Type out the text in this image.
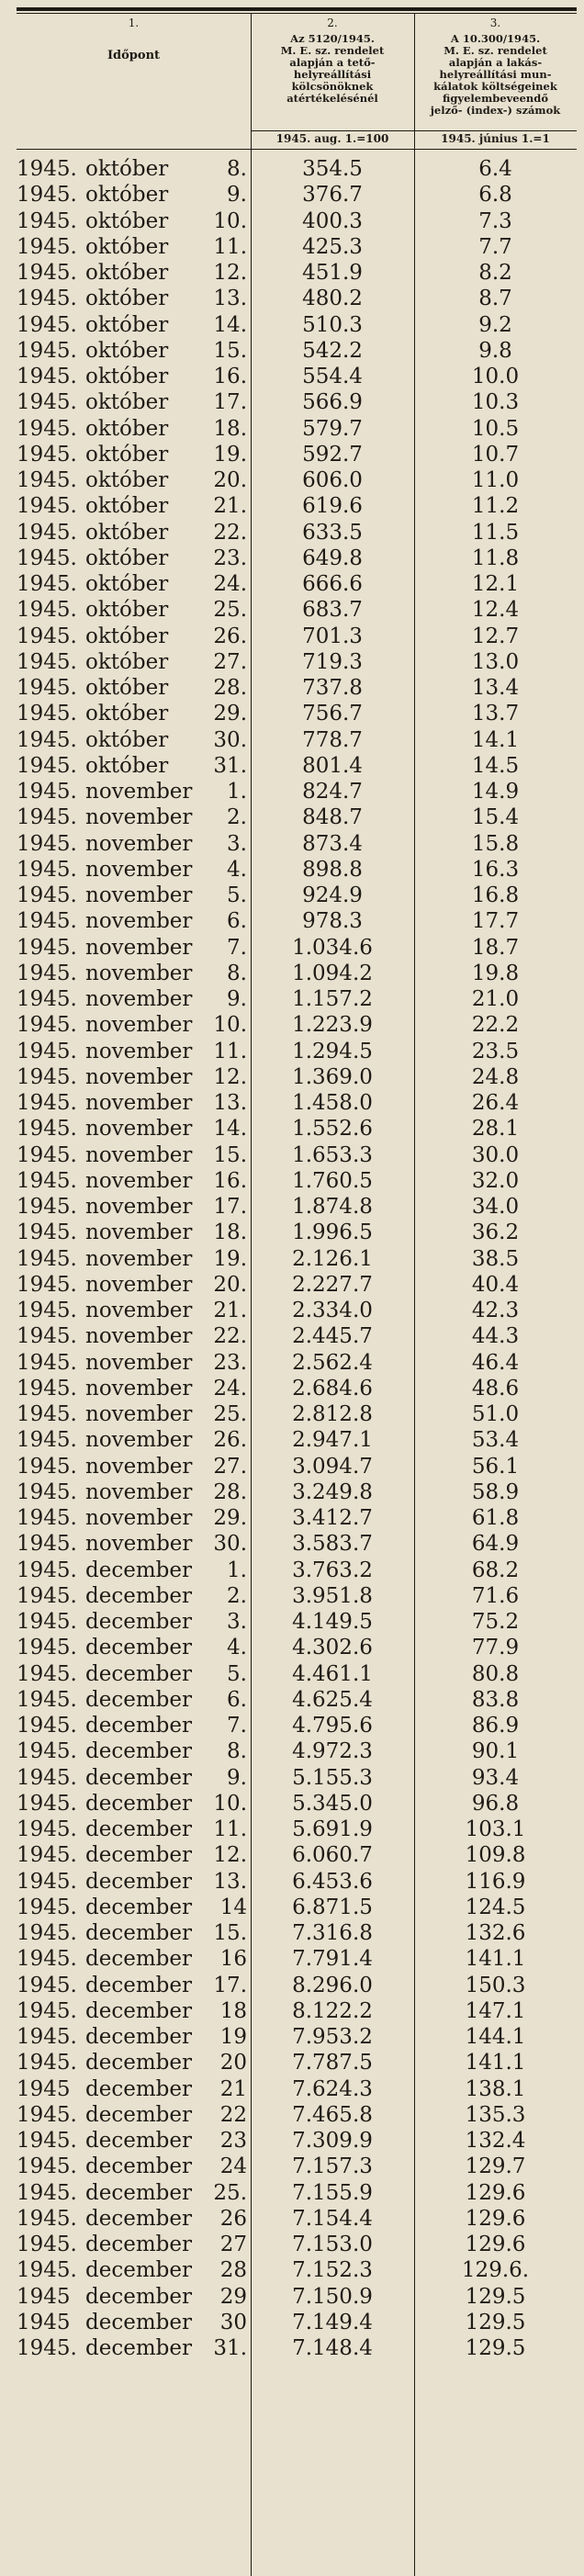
1.
Időpont
2.
Az 5120/1945.
M. E. sz. rendelet
alapján a tető-
helyreállítási
kölcsönöknek
atértékelésénél
1945. aug. 1.=100
3.
A 10.300/1945.
M. E. sz. rendelet
alapján a lakás-
helyreállítási mun-
kálatok költségeinek
figyelembeveendő
jelző- (index-) számok
1945. június 1.=1
1945. október	8.	354.5	6.4
1945. október	9.	376.7	6.8
1945. október	10.	400.3	7.3
1945. október	11.	425.3	7.7
1945. október	12.	451.9	8.2
1945. október	13.	480.2	8.7
1945. október	14.	510.3	9.2
1945. október	15.	542.2	9.8
1945. október	16.	554.4	10.0
1945. október	17.	566.9	10.3
1945. október	18.	579.7	10.5
1945. október	19.	592.7	10.7
1945. október	20.	606.0	11.0
1945. október	21.	619.6	11.2
1945. október	22.	633.5	11.5
1945. október	23.	649.8	11.8
1945. október	24.	666.6	12.1
1945. október	25.	683.7	12.4
1945. október	26.	701.3	12.7
1945. október	27.	719.3	13.0
1945. október	28.	737.8	13.4
1945. október	29.	756.7	13.7
1945. október	30.	778.7	14.1
1945. október	31.	801.4	14.5
1945. november	1.	824.7	14.9
1945. november	2.	848.7	15.4
1945. november	3.	873.4	15.8
1945. november	4.	898.8	16.3
1945. november	5.	924.9	16.8
1945. november	6.	978.3	17.7
1945. november	7.	1.034.6	18.7
1945. november	8.	1.094.2	19.8
1945. november	9.	1.157.2	21.0
1945. november	10.	1.223.9	22.2
1945. november	11.	1.294.5	23.5
1945. november	12.	1.369.0	24.8
1945. november	13.	1.458.0	26.4
1945. november	14.	1.552.6	28.1
1945. november	15.	1.653.3	30.0
1945. november	16.	1.760.5	32.0
1945. november	17.	1.874.8	34.0
1945. november	18.	1.996.5	36.2
1945. november	19.	2.126.1	38.5
1945. november	20.	2.227.7	40.4
1945. november	21.	2.334.0	42.3
1945. november	22.	2.445.7	44.3
1945. november	23.	2.562.4	46.4
1945. november	24.	2.684.6	48.6
1945. november	25.	2.812.8	51.0
1945. november	26.	2.947.1	53.4
1945. november	27.	3.094.7	56.1
1945. november	28.	3.249.8	58.9
1945. november	29.	3.412.7	61.8
1945. november	30.	3.583.7	64.9
1945. december	1.	3.763.2	68.2
1945. december	2.	3.951.8	71.6
1945. december	3.	4.149.5	75.2
1945. december	4.	4.302.6	77.9
1945. december	5.	4.461.1	80.8
1945. december	6.	4.625.4	83.8
1945. december	7.	4.795.6	86.9
1945. december	8.	4.972.3	90.1
1945. december	9.	5.155.3	93.4
1945. december	10.	5.345.0	96.8
1945. december	11.	5.691.9	103.1
1945. december	12.	6.060.7	109.8
1945. december	13.	6.453.6	116.9
1945. december	14	6.871.5	124.5
1945. december	15.	7.316.8	132.6
1945. december	16	7.791.4	141.1
1945. december	17.	8.296.0	150.3
1945. december	18	8.122.2	147.1
1945. december	19	7.953.2	144.1
1945. december	20	7.787.5	141.1
1945 december	21	7.624.3	138.1
1945. december	22	7.465.8	135.3
1945. december	23	7.309.9	132.4
1945. december	24	7.157.3	129.7
1945. december	25.	7.155.9	129.6
1945. december	26	7.154.4	129.6
1945. december	27	7.153.0	129.6
1945. december	28	7.152.3	129.6.
1945 december	29	7.150.9	129.5
1945 december	30	7.149.4	129.5
1945. december	31.	7.148.4	129.5
